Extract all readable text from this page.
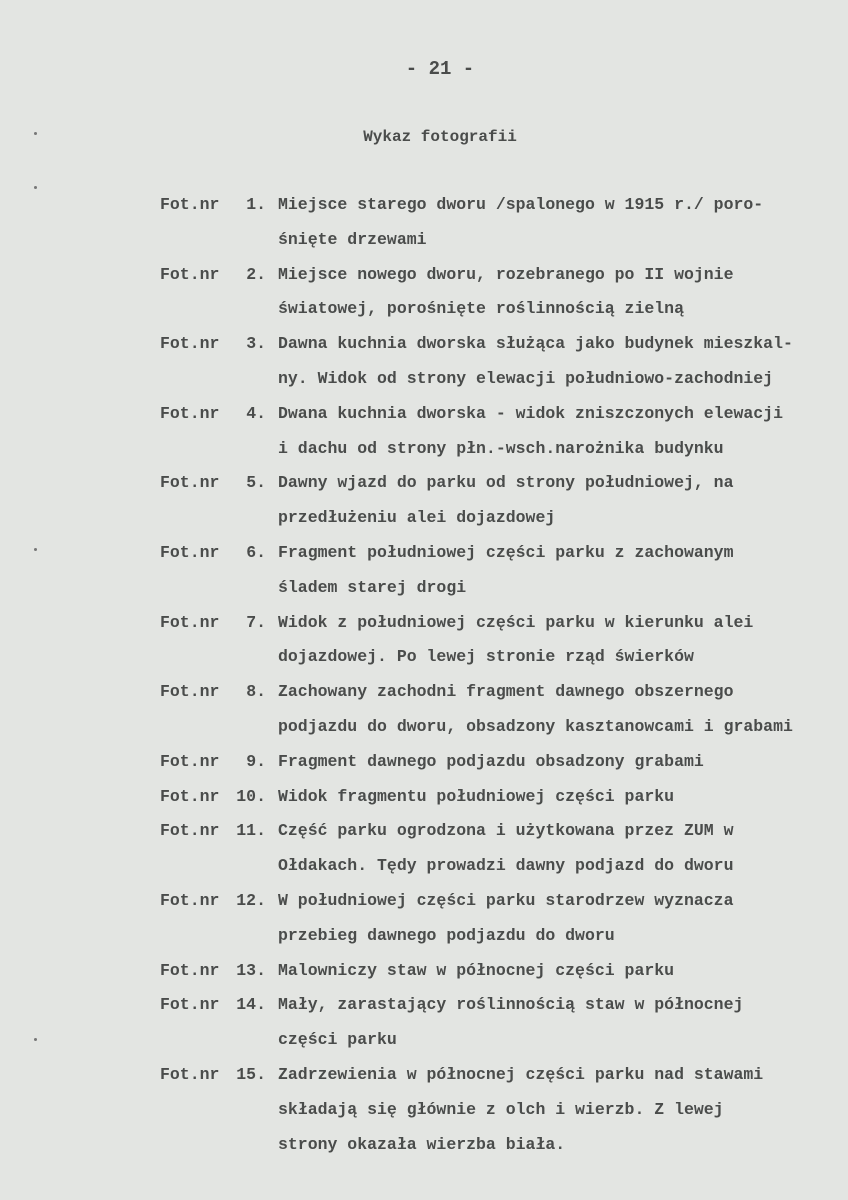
- 21 -
Wykaz fotografii
Fot.nr	1. Miejsce starego dworu /spalonego w 1915 r./ poro-
śnięte drzewami
Fot.nr	2. Miejsce nowego dworu, rozebranego po II wojnie
światowej, porośnięte roślinnością zielną
Fot.nr	3. Dawna kuchnia dworska służąca jako budynek mieszkal-
ny. Widok od strony elewacji południowo-zachodniej
Fot.nr	4. Dwana kuchnia dworska - widok zniszczonych elewacji
i dachu od strony płn.-wsch.narożnika budynku
Fot.nr	5. Dawny wjazd do parku od strony południowej, na
przedłużeniu alei dojazdowej
Fot.nr	6. Fragment południowej części parku z zachowanym
śladem starej drogi
Fot.nr	7. Widok z południowej części parku w kierunku alei
dojazdowej. Po lewej stronie rząd świerków
Fot.nr	8. Zachowany zachodni fragment dawnego obszernego
podjazdu do dworu, obsadzony kasztanowcami i grabami
Fot.nr	9. Fragment dawnego podjazdu obsadzony grabami
Fot.nr	10. Widok fragmentu południowej części parku
Fot.nr	11. Część parku ogrodzona i użytkowana przez ZUM w
Ołdakach. Tędy prowadzi dawny podjazd do dworu
Fot.nr	12. W południowej części parku starodrzew wyznacza
przebieg dawnego podjazdu do dworu
Fot.nr	13. Malowniczy staw w północnej części parku
Fot.nr	14. Mały, zarastający roślinnością staw w północnej
części parku
Fot.nr	15. Zadrzewienia w północnej części parku nad stawami
składają się głównie z olch i wierzb. Z lewej
strony okazała wierzba biała.
